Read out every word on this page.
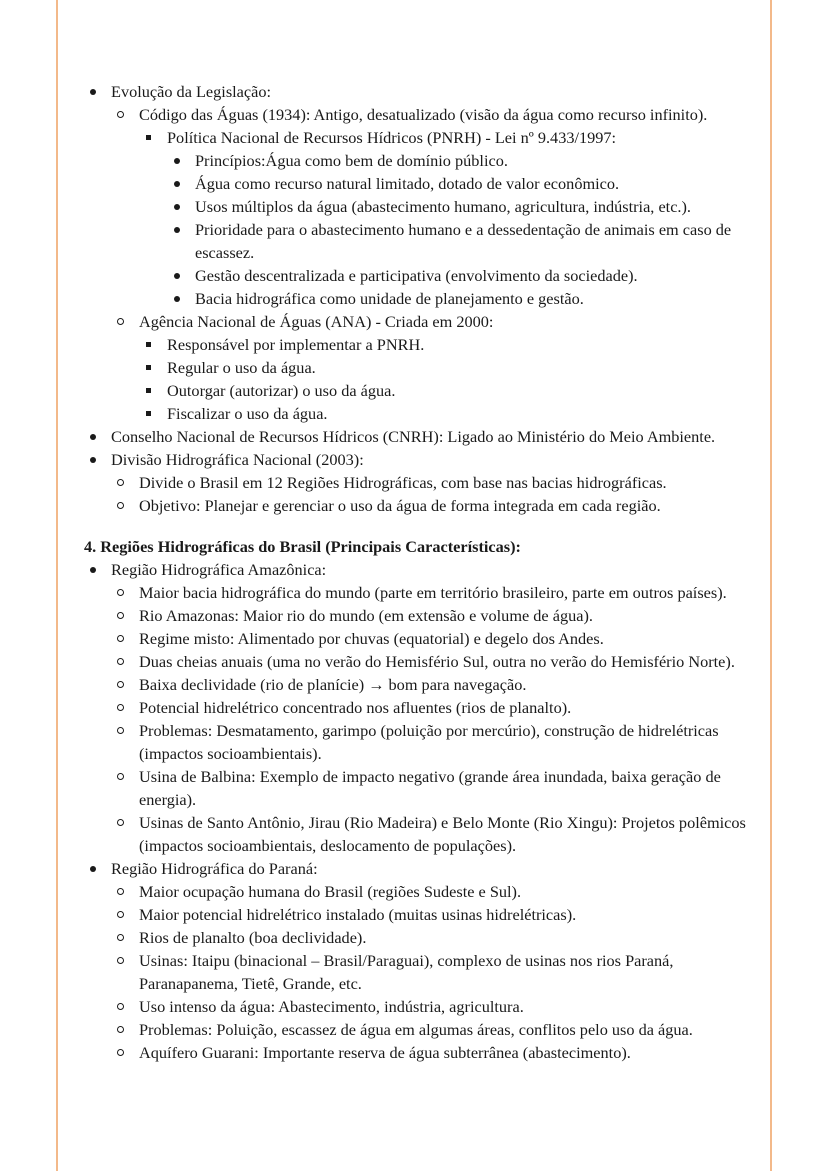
Evolução da Legislação:
Código das Águas (1934): Antigo, desatualizado (visão da água como recurso infinito).
Política Nacional de Recursos Hídricos (PNRH) - Lei nº 9.433/1997:
Princípios:Água como bem de domínio público.
Água como recurso natural limitado, dotado de valor econômico.
Usos múltiplos da água (abastecimento humano, agricultura, indústria, etc.).
Prioridade para o abastecimento humano e a dessedentação de animais em caso de escassez.
Gestão descentralizada e participativa (envolvimento da sociedade).
Bacia hidrográfica como unidade de planejamento e gestão.
Agência Nacional de Águas (ANA) - Criada em 2000:
Responsável por implementar a PNRH.
Regular o uso da água.
Outorgar (autorizar) o uso da água.
Fiscalizar o uso da água.
Conselho Nacional de Recursos Hídricos (CNRH): Ligado ao Ministério do Meio Ambiente.
Divisão Hidrográfica Nacional (2003):
Divide o Brasil em 12 Regiões Hidrográficas, com base nas bacias hidrográficas.
Objetivo: Planejar e gerenciar o uso da água de forma integrada em cada região.
4. Regiões Hidrográficas do Brasil (Principais Características):
Região Hidrográfica Amazônica:
Maior bacia hidrográfica do mundo (parte em território brasileiro, parte em outros países).
Rio Amazonas: Maior rio do mundo (em extensão e volume de água).
Regime misto: Alimentado por chuvas (equatorial) e degelo dos Andes.
Duas cheias anuais (uma no verão do Hemisfério Sul, outra no verão do Hemisfério Norte).
Baixa declividade (rio de planície) → bom para navegação.
Potencial hidrelétrico concentrado nos afluentes (rios de planalto).
Problemas: Desmatamento, garimpo (poluição por mercúrio), construção de hidrelétricas (impactos socioambientais).
Usina de Balbina: Exemplo de impacto negativo (grande área inundada, baixa geração de energia).
Usinas de Santo Antônio, Jirau (Rio Madeira) e Belo Monte (Rio Xingu): Projetos polêmicos (impactos socioambientais, deslocamento de populações).
Região Hidrográfica do Paraná:
Maior ocupação humana do Brasil (regiões Sudeste e Sul).
Maior potencial hidrelétrico instalado (muitas usinas hidrelétricas).
Rios de planalto (boa declividade).
Usinas: Itaipu (binacional – Brasil/Paraguai), complexo de usinas nos rios Paraná, Paranapanema, Tietê, Grande, etc.
Uso intenso da água: Abastecimento, indústria, agricultura.
Problemas: Poluição, escassez de água em algumas áreas, conflitos pelo uso da água.
Aquífero Guarani: Importante reserva de água subterrânea (abastecimento).
